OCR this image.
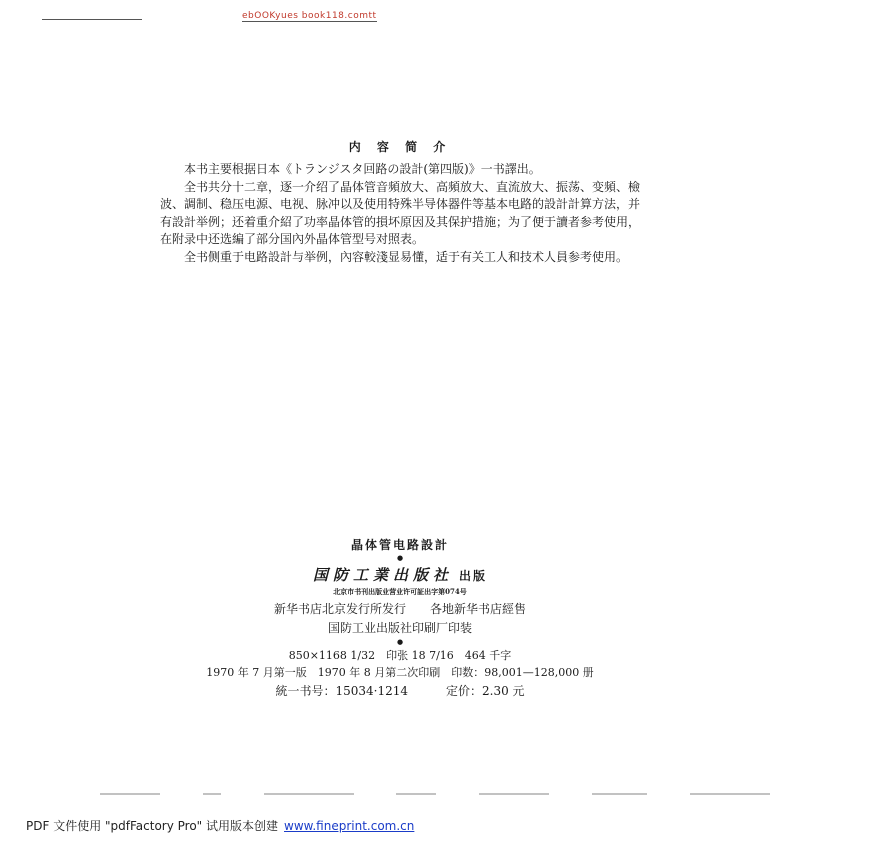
ebOOKyues book118.comtt
内 容 简 介

本书主要根据日本《トランジスタ回路の設計(第四版)》一书譯出。

全书共分十二章，逐一介绍了晶体管音頻放大、高頻放大、直流放大、振荡、变頻、檢波、調制、稳压电源、电视、脉冲以及使用特殊半导体器件等基本电路的設計計算方法，并有設計举例；还着重介紹了功率晶体管的損坏原因及其保护措施；为了便于讀者参考使用，在附录中还选編了部分国內外晶体管型号对照表。

全书侧重于电路設計与举例，內容較淺显易懂，适于有关工人和技术人員参考使用。

晶体管电路設計
●
国防工業出版社 出版
北京市书刊出版业营业许可証出字第074号
新华书店北京发行所发行　　各地新华书店經售
国防工业出版社印刷厂印装
●
850×1168 1/32　印张 18 7/16　464 千字
1970 年 7 月第一版　1970 年 8 月第二次印刷　印数：98,001—128,000 册
統一书号：15034·1214	定价：2.30 元
PDF 文件使用 "pdfFactory Pro" 试用版本创建 www.fineprint.com.cn
